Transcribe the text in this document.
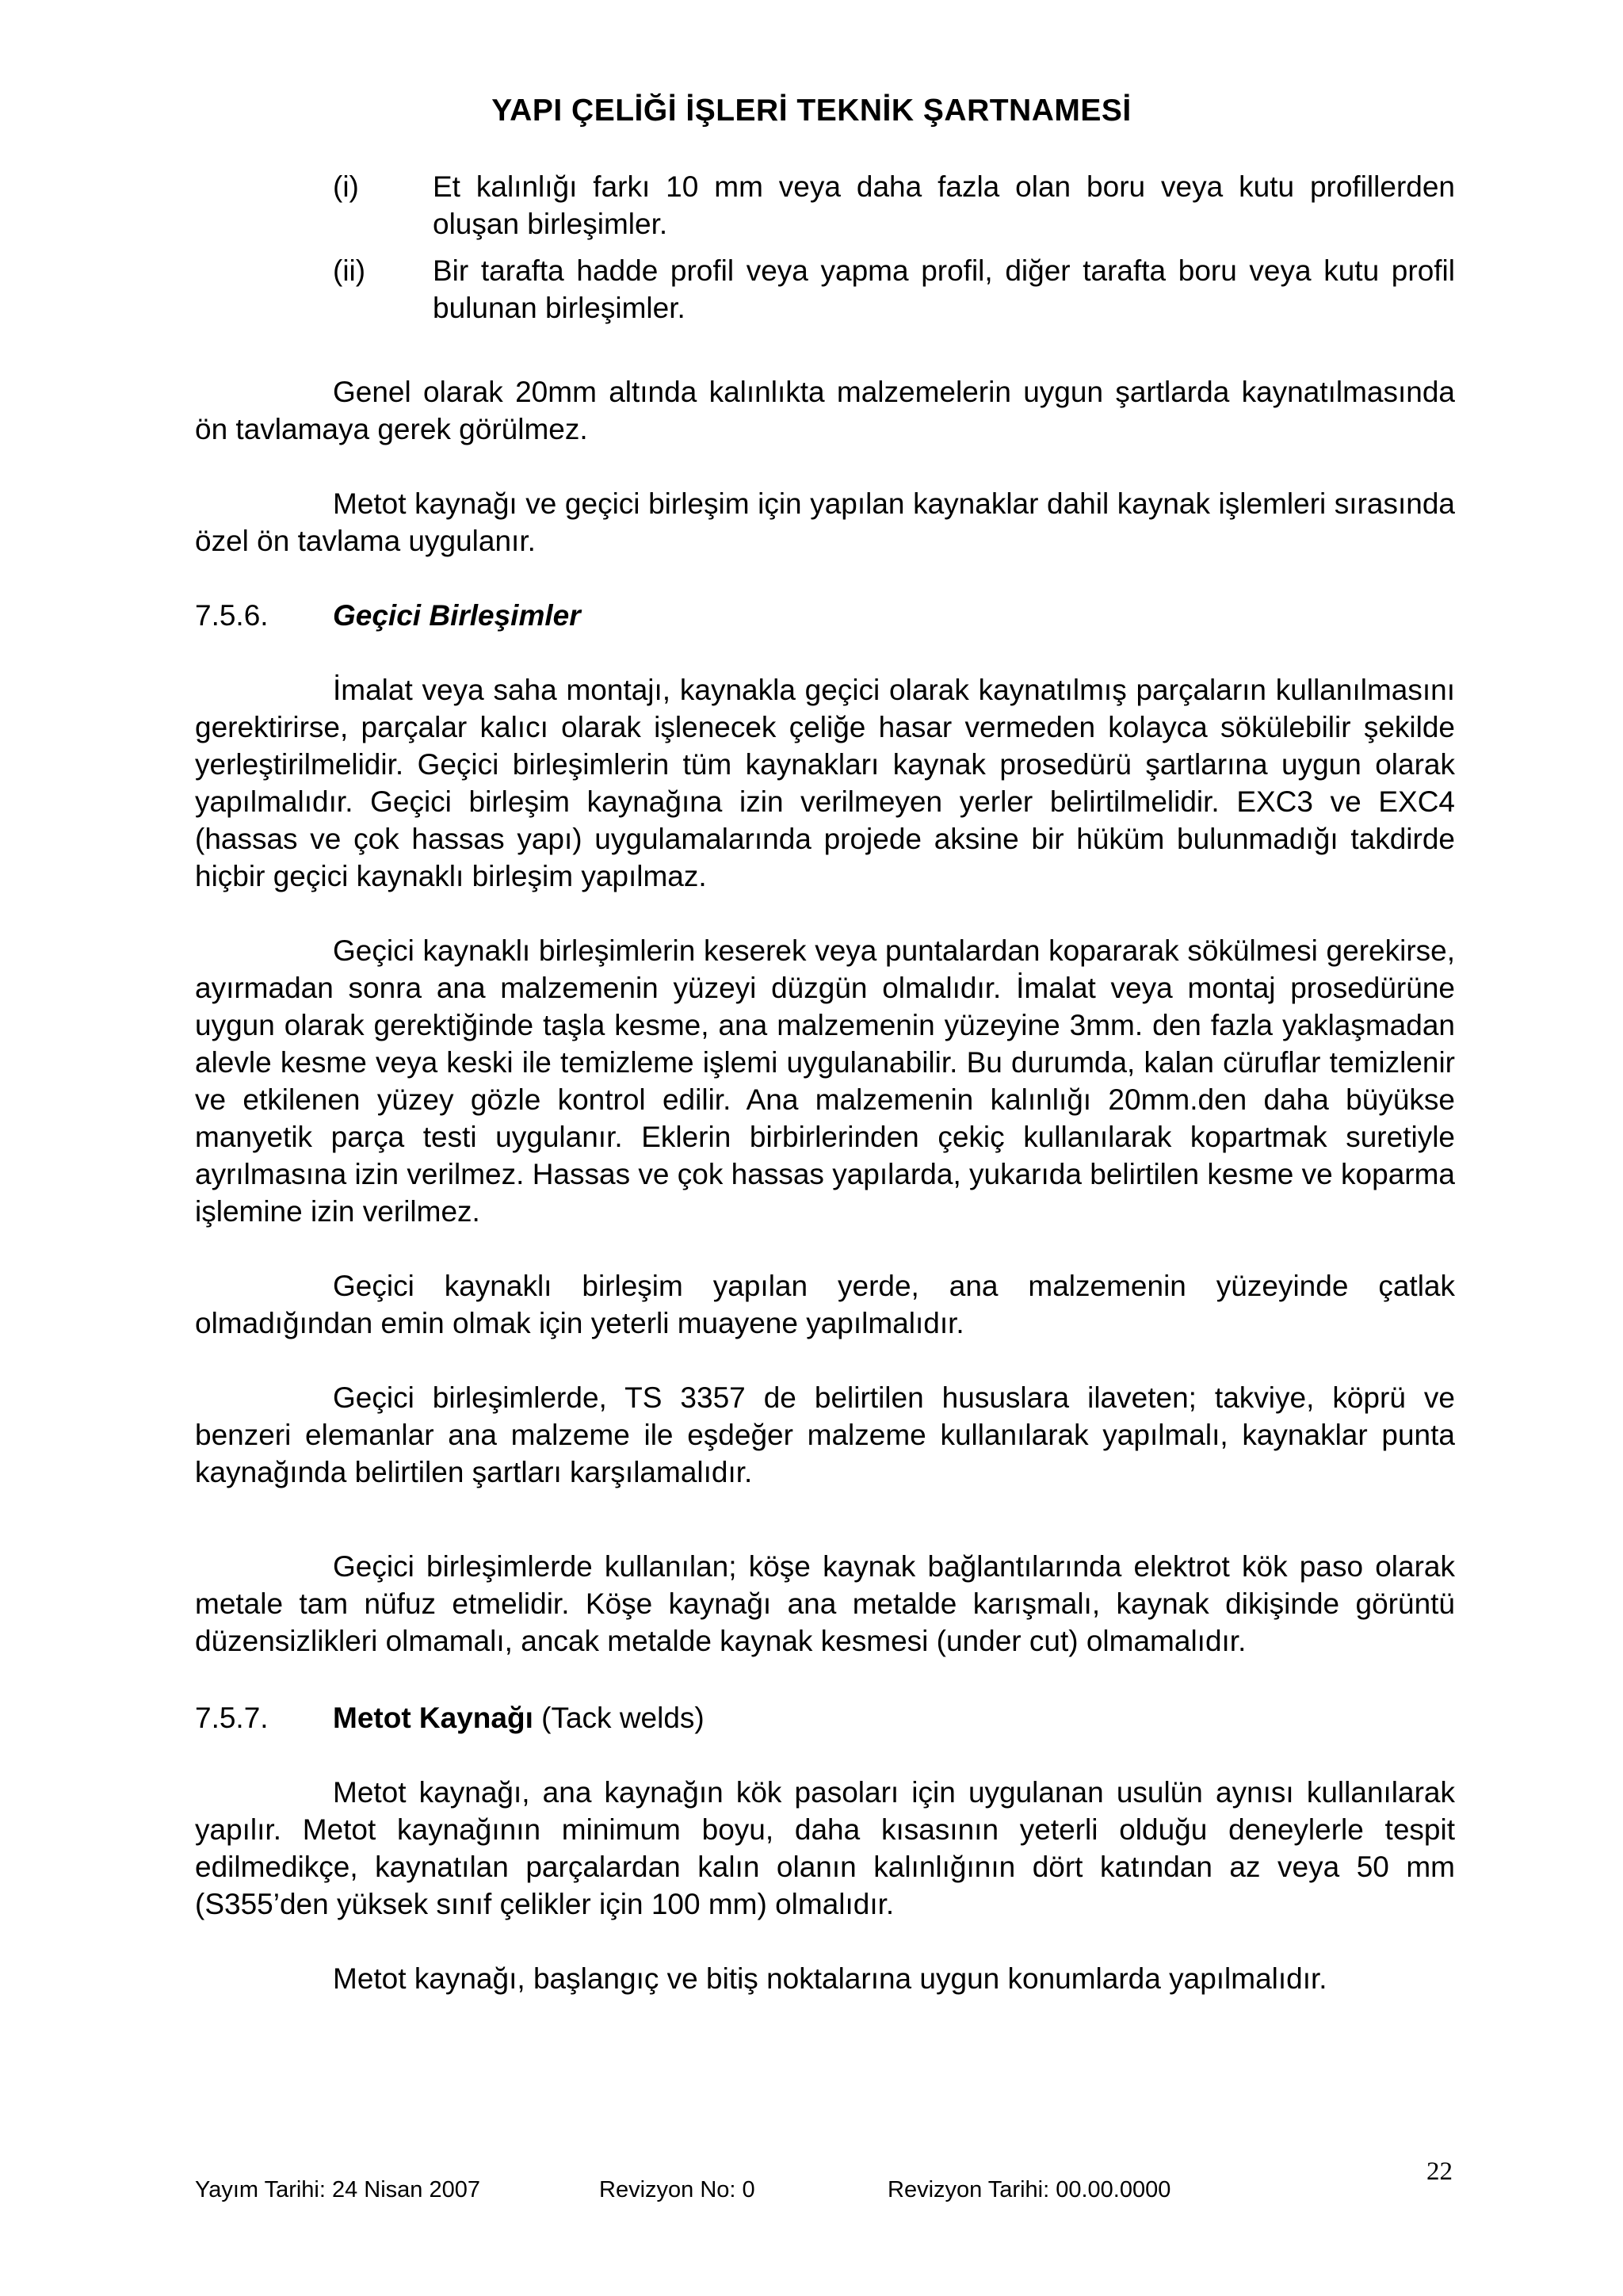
YAPI ÇELİĞİ İŞLERİ TEKNİK ŞARTNAMESİ
(i)	Et kalınlığı farkı 10 mm veya daha fazla olan boru veya kutu profillerden oluşan birleşimler.
(ii) Bir tarafta hadde profil veya yapma profil, diğer tarafta boru veya kutu profil bulunan birleşimler.

Genel olarak 20mm altında kalınlıkta malzemelerin uygun şartlarda kaynatılmasında ön tavlamaya gerek görülmez.

Metot kaynağı ve geçici birleşim için yapılan kaynaklar dahil kaynak işlemleri sırasında özel ön tavlama uygulanır.

7.5.6. Geçici Birleşimler

İmalat veya saha montajı, kaynakla geçici olarak kaynatılmış parçaların kullanılmasını gerektirirse, parçalar kalıcı olarak işlenecek çeliğe hasar vermeden kolayca sökülebilir şekilde yerleştirilmelidir. Geçici birleşimlerin tüm kaynakları kaynak prosedürü şartlarına uygun olarak yapılmalıdır. Geçici birleşim kaynağına izin verilmeyen yerler belirtilmelidir. EXC3 ve EXC4 (hassas ve çok hassas yapı) uygulamalarında projede aksine bir hüküm bulunmadığı takdirde hiçbir geçici kaynaklı birleşim yapılmaz.

Geçici kaynaklı birleşimlerin keserek veya puntalardan kopararak sökülmesi gerekirse, ayırmadan sonra ana malzemenin yüzeyi düzgün olmalıdır. İmalat veya montaj prosedürüne uygun olarak gerektiğinde taşla kesme, ana malzemenin yüzeyine 3mm. den fazla yaklaşmadan alevle kesme veya keski ile temizleme işlemi uygulanabilir. Bu durumda, kalan cüruflar temizlenir ve etkilenen yüzey gözle kontrol edilir. Ana malzemenin kalınlığı 20mm.den daha büyükse manyetik parça testi uygulanır. Eklerin birbirlerinden çekiç kullanılarak kopartmak suretiyle ayrılmasına izin verilmez. Hassas ve çok hassas yapılarda, yukarıda belirtilen kesme ve koparma işlemine izin verilmez.

Geçici kaynaklı birleşim yapılan yerde, ana malzemenin yüzeyinde çatlak olmadığından emin olmak için yeterli muayene yapılmalıdır.

Geçici birleşimlerde, TS 3357 de belirtilen hususlara ilaveten; takviye, köprü ve benzeri elemanlar ana malzeme ile eşdeğer malzeme kullanılarak yapılmalı, kaynaklar punta kaynağında belirtilen şartları karşılamalıdır.

Geçici birleşimlerde kullanılan; köşe kaynak bağlantılarında elektrot kök paso olarak metale tam nüfuz etmelidir. Köşe kaynağı ana metalde karışmalı, kaynak dikişinde görüntü düzensizlikleri olmamalı, ancak metalde kaynak kesmesi (under cut) olmamalıdır.

7.5.7. Metot Kaynağı (Tack welds)

Metot kaynağı, ana kaynağın kök pasoları için uygulanan usulün aynısı kullanılarak yapılır. Metot kaynağının minimum boyu, daha kısasının yeterli olduğu deneylerle tespit edilmedikçe, kaynatılan parçalardan kalın olanın kalınlığının dört katından az veya 50 mm (S355’den yüksek sınıf çelikler için 100 mm) olmalıdır.

Metot kaynağı, başlangıç ve bitiş noktalarına uygun konumlarda yapılmalıdır.

Yayım Tarihi: 24 Nisan 2007	Revizyon No: 0	Revizyon Tarihi: 00.00.0000
22
